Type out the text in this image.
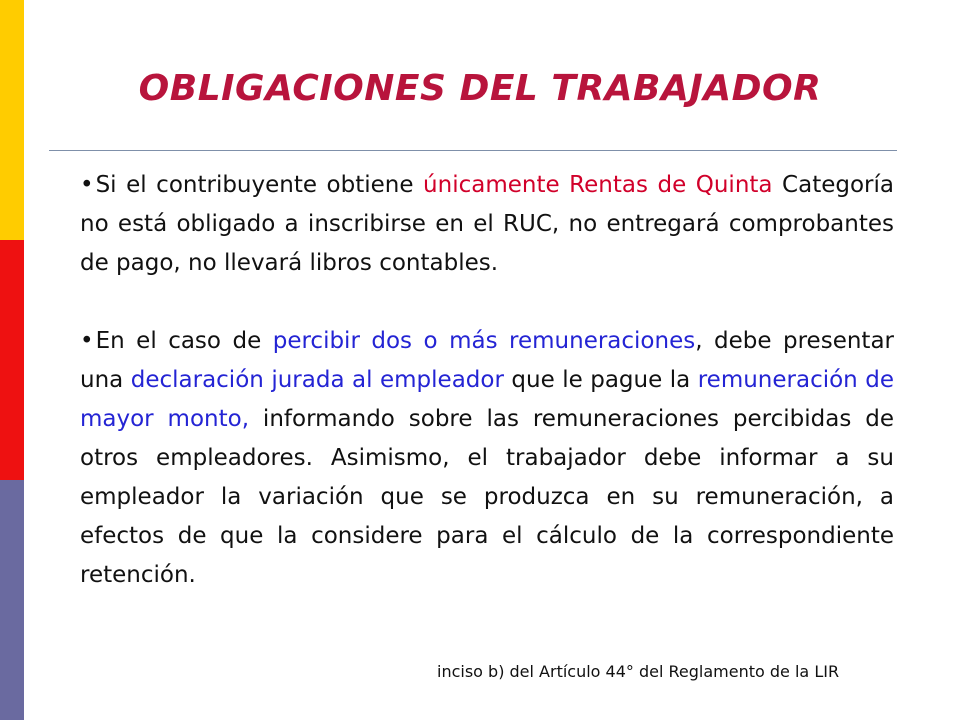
OBLIGACIONES DEL TRABAJADOR

•Si el contribuyente obtiene únicamente Rentas de Quinta Categoría no está obligado a inscribirse en el RUC, no entregará comprobantes de pago, no llevará libros contables.

•En el caso de percibir dos o más remuneraciones, debe presentar una declaración jurada al empleador que le pague la remuneración de mayor monto, informando sobre las remuneraciones percibidas de otros empleadores. Asimismo, el trabajador debe informar a su empleador la variación que se produzca en su remuneración, a efectos de que la considere para el cálculo de la correspondiente retención.

inciso b) del Artículo 44° del Reglamento de la LIR
